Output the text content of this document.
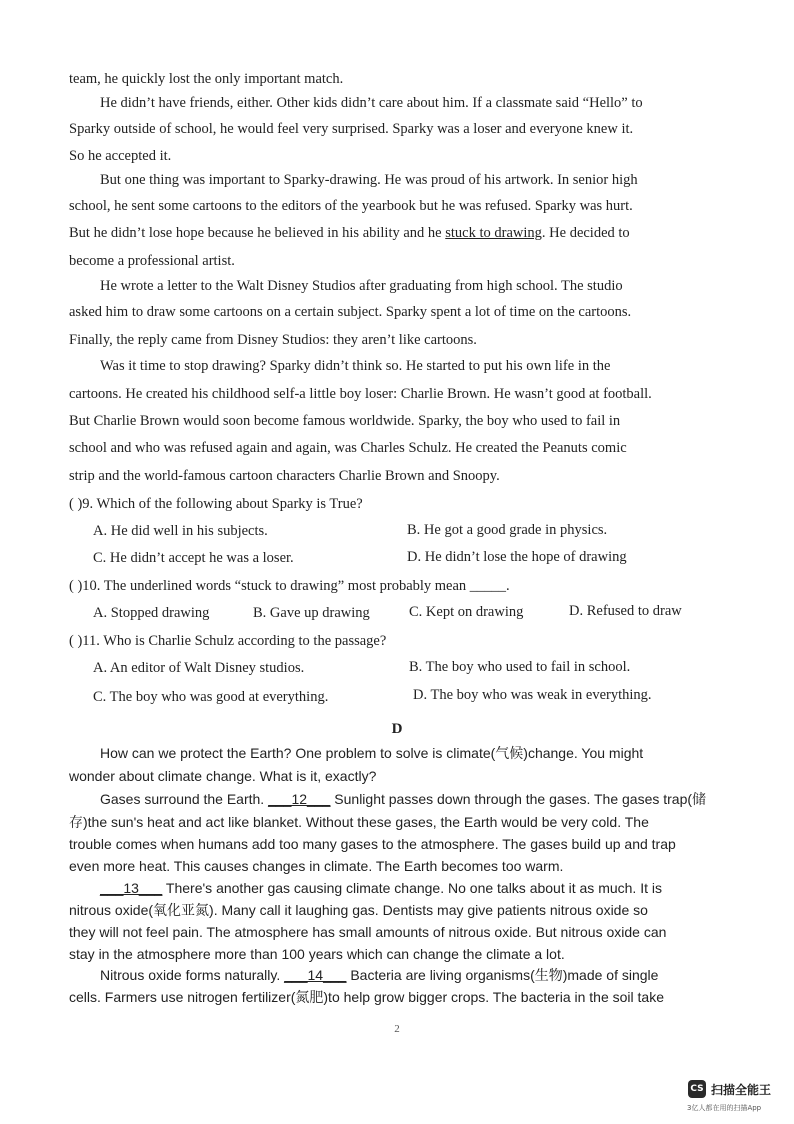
team, he quickly lost the only important match.
He didn’t have friends, either. Other kids didn’t care about him. If a classmate said “Hello” to
Sparky outside of school, he would feel very surprised. Sparky was a loser and everyone knew it.
So he accepted it.
But one thing was important to Sparky-drawing. He was proud of his artwork. In senior high
school, he sent some cartoons to the editors of the yearbook but he was refused. Sparky was hurt.
But he didn’t lose hope because he believed in his ability and he stuck to drawing. He decided to
become a professional artist.
He wrote a letter to the Walt Disney Studios after graduating from high school. The studio
asked him to draw some cartoons on a certain subject. Sparky spent a lot of time on the cartoons.
Finally, the reply came from Disney Studios: they aren’t like cartoons.
Was it time to stop drawing? Sparky didn’t think so. He started to put his own life in the
cartoons. He created his childhood self-a little boy loser: Charlie Brown. He wasn’t good at football.
But Charlie Brown would soon become famous worldwide. Sparky, the boy who used to fail in
school and who was refused again and again, was Charles Schulz. He created the Peanuts comic
strip and the world-famous cartoon characters Charlie Brown and Snoopy.
( )9. Which of the following about Sparky is True?
A. He did well in his subjects.	B. He got a good grade in physics.
C. He didn’t accept he was a loser.	D. He didn’t lose the hope of drawing
( )10. The underlined words “stuck to drawing” most probably mean _____.
A. Stopped drawing	B. Gave up drawing	C. Kept on drawing	D. Refused to draw
( )11. Who is Charlie Schulz according to the passage?
A. An editor of Walt Disney studios.	B. The boy who used to fail in school.
C. The boy who was good at everything.	D. The boy who was weak in everything.
D
How can we protect the Earth? One problem to solve is climate(气候)change. You might
wonder about climate change. What is it, exactly?
Gases surround the Earth. ___12___ Sunlight passes down through the gases. The gases trap(储
存)the sun's heat and act like blanket. Without these gases, the Earth would be very cold. The
trouble comes when humans add too many gases to the atmosphere. The gases build up and trap
even more heat. This causes changes in climate. The Earth becomes too warm.
___13___ There's another gas causing climate change. No one talks about it as much. It is
nitrous oxide(氧化亚氮). Many call it laughing gas. Dentists may give patients nitrous oxide so
they will not feel pain. The atmosphere has small amounts of nitrous oxide. But nitrous oxide can
stay in the atmosphere more than 100 years which can change the climate a lot.
Nitrous oxide forms naturally. ___14___ Bacteria are living organisms(生物)made of single
cells. Farmers use nitrogen fertilizer(氮肥)to help grow bigger crops. The bacteria in the soil take
2
CS 扫描全能王
3亿人都在用的扫描App
